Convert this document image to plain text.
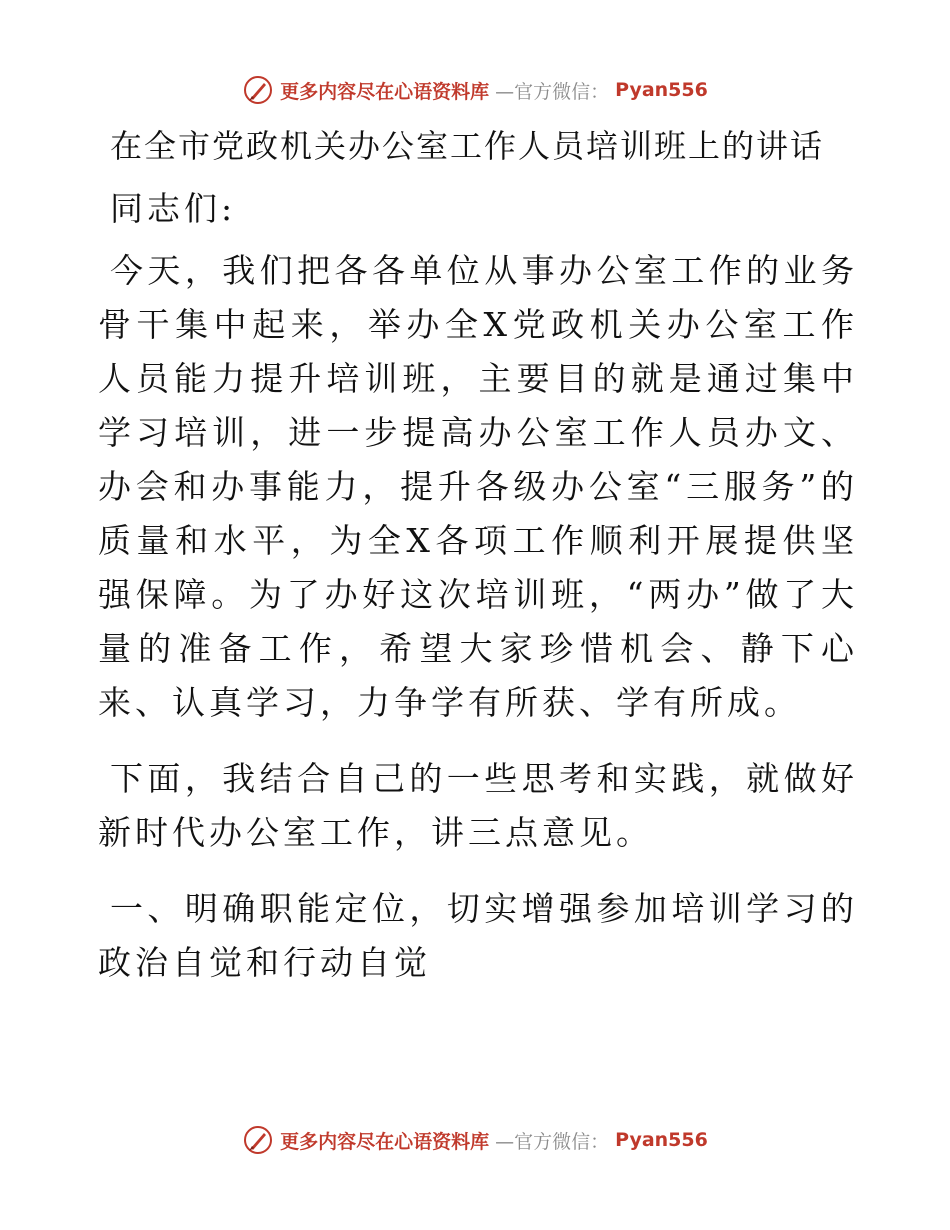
更多内容尽在心语资料库 —官方微信： Pyan556
在全市党政机关办公室工作人员培训班上的讲话

同志们:

今天，我们把各各单位从事办公室工作的业务骨干集中起来，举办全X党政机关办公室工作人员能力提升培训班，主要目的就是通过集中学习培训，进一步提高办公室工作人员办文、办会和办事能力，提升各级办公室“三服务”的质量和水平，为全X各项工作顺利开展提供坚强保障。为了办好这次培训班，“两办”做了大量的准备工作，希望大家珍惜机会、静下心来、认真学习，力争学有所获、学有所成。

下面，我结合自己的一些思考和实践，就做好新时代办公室工作，讲三点意见。

一、明确职能定位，切实增强参加培训学习的政治自觉和行动自觉

更多内容尽在心语资料库 —官方微信： Pyan556
